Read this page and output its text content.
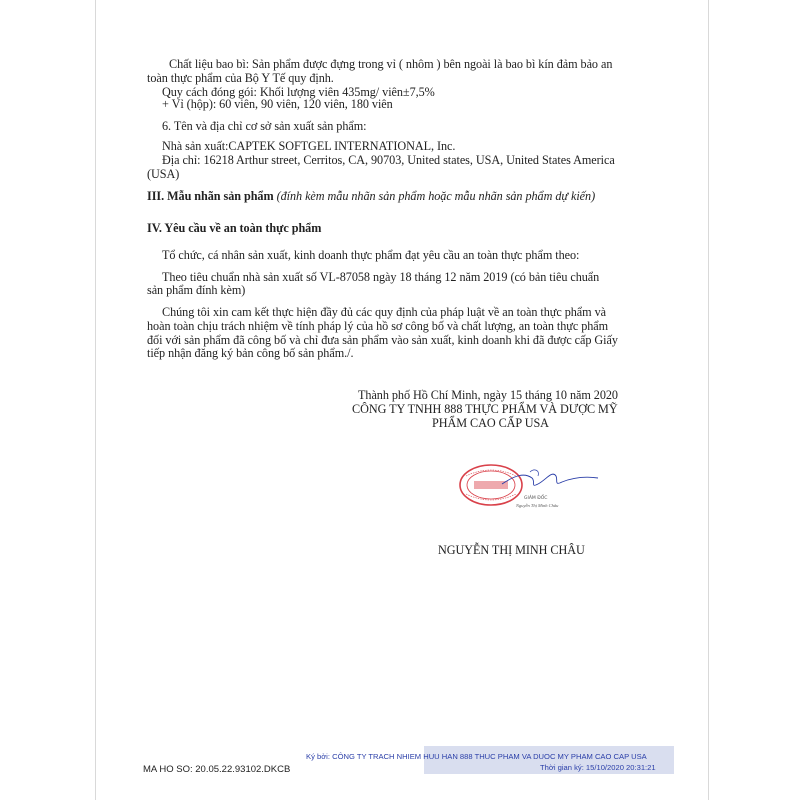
Chất liệu bao bì: Sản phẩm được đựng trong vỉ ( nhôm ) bên ngoài là bao bì kín đảm bảo an
toàn thực phẩm của Bộ Y Tế quy định.
Quy cách đóng gói: Khối lượng viên 435mg/ viên±7,5%
+ Vỉ (hộp): 60 viên, 90 viên, 120 viên, 180 viên
6. Tên và địa chỉ cơ sở sản xuất sản phẩm:
Nhà sản xuất:CAPTEK SOFTGEL INTERNATIONAL, Inc.
Địa chỉ: 16218 Arthur street, Cerritos, CA, 90703, United states, USA, United States America
(USA)
III. Mẫu nhãn sản phẩm (đính kèm mẫu nhãn sản phẩm hoặc mẫu nhãn sản phẩm dự kiến)
IV. Yêu cầu về an toàn thực phẩm
Tổ chức, cá nhân sản xuất, kinh doanh thực phẩm đạt yêu cầu an toàn thực phẩm theo:
Theo tiêu chuẩn nhà sản xuất số VL-87058 ngày 18 tháng 12 năm 2019 (có bản tiêu chuẩn
sản phẩm đính kèm)
Chúng tôi xin cam kết thực hiện đầy đủ các quy định của pháp luật về an toàn thực phẩm và
hoàn toàn chịu trách nhiệm về tính pháp lý của hồ sơ công bố và chất lượng, an toàn thực phẩm
đối với sản phẩm đã công bố và chỉ đưa sản phẩm vào sản xuất, kinh doanh khi đã được cấp Giấy
tiếp nhận đăng ký bản công bố sản phẩm./.
Thành phố Hồ Chí Minh, ngày 15 tháng 10 năm 2020
CÔNG TY TNHH 888 THỰC PHẨM VÀ DƯỢC MỸ
PHẨM CAO CẤP USA
GIÁM ĐỐC
Nguyễn Thị Minh Châu
NGUYỄN THỊ MINH CHÂU
Ký bởi: CÔNG TY TRACH NHIEM HUU HAN 888 THUC PHAM VA DUOC MY PHAM CAO CAP USA
Thời gian ký: 15/10/2020 20:31:21
MA HO SO: 20.05.22.93102.DKCB
